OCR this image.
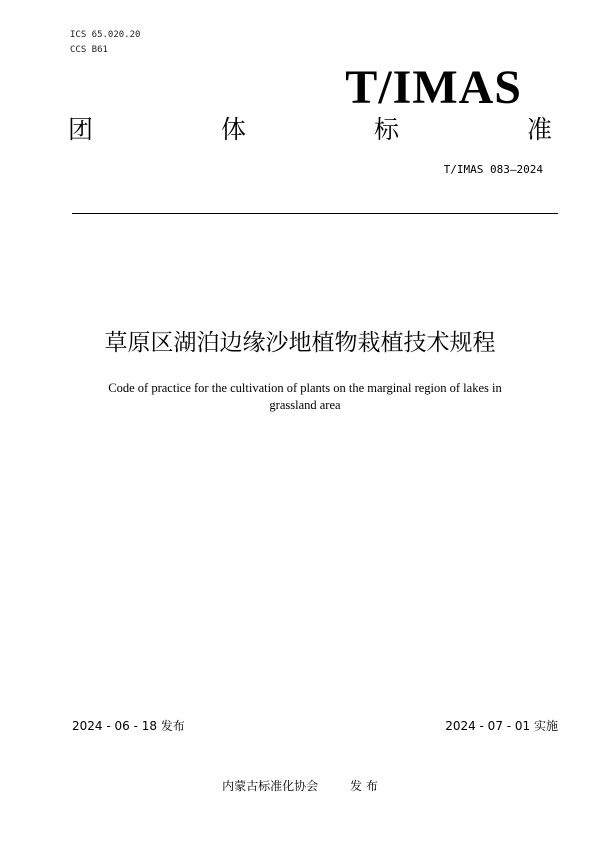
ICS 65.020.20
CCS B61
T/IMAS
团	体	标	准
T/IMAS 083—2024
草原区湖泊边缘沙地植物栽植技术规程
Code of practice for the cultivation of plants on the marginal region of lakes in grassland area
2024 - 06 - 18 发布	2024 - 07 - 01 实施
内蒙古标准化协会	发 布
